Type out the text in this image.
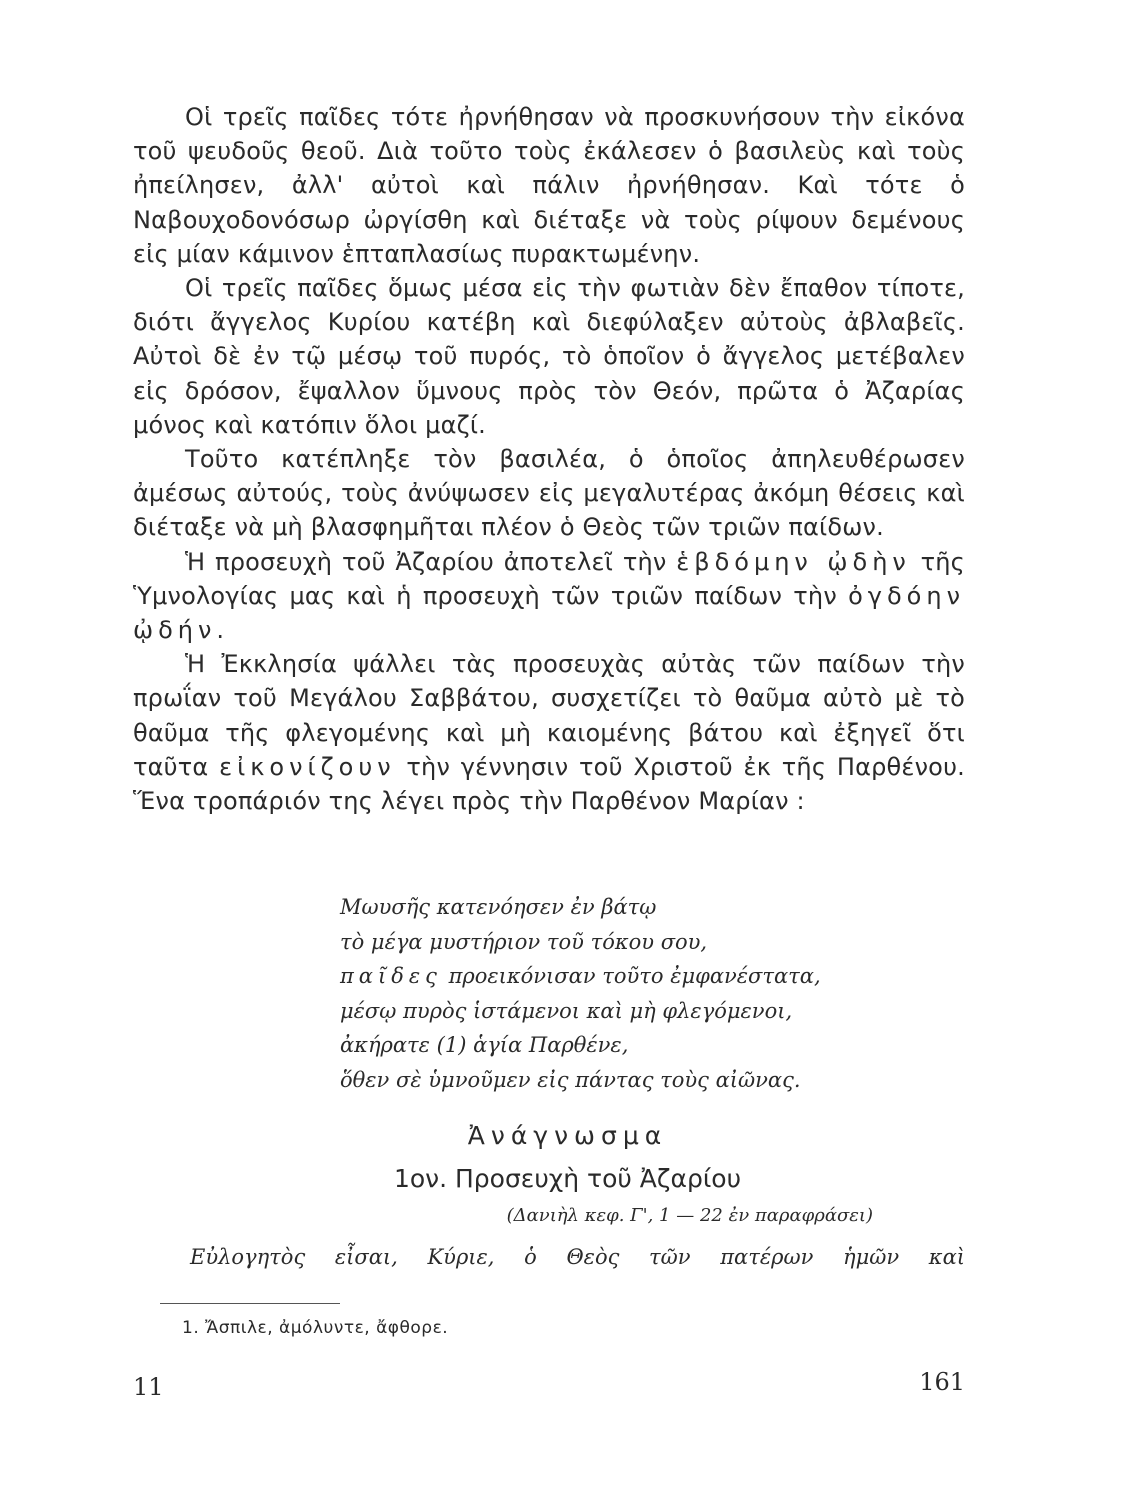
Οἱ τρεῖς παῖδες τότε ἠρνήθησαν νὰ προσκυνήσουν τὴν εἰκόνα τοῦ ψευδοῦς θεοῦ. Διὰ τοῦτο τοὺς ἐκάλεσεν ὁ βασιλεὺς καὶ τοὺς ἠπείλησεν, ἀλλ' αὐτοὶ καὶ πάλιν ἠρνήθησαν. Καὶ τότε ὁ Ναβουχοδονόσωρ ὠργίσθη καὶ διέταξε νὰ τοὺς ρίψουν δεμένους εἰς μίαν κάμινον ἑπταπλασίως πυρακτωμένην.

Οἱ τρεῖς παῖδες ὅμως μέσα εἰς τὴν φωτιὰν δὲν ἔπαθον τίποτε, διότι ἄγγελος Κυρίου κατέβη καὶ διεφύλαξεν αὐτοὺς ἀβλαβεῖς. Αὐτοὶ δὲ ἐν τῷ μέσῳ τοῦ πυρός, τὸ ὁποῖον ὁ ἄγγελος μετέβαλεν εἰς δρόσον, ἔψαλλον ὕμνους πρὸς τὸν Θεόν, πρῶτα ὁ Ἀζαρίας μόνος καὶ κατόπιν ὅλοι μαζί.

Τοῦτο κατέπληξε τὸν βασιλέα, ὁ ὁποῖος ἀπηλευθέρωσεν ἀμέσως αὐτούς, τοὺς ἀνύψωσεν εἰς μεγαλυτέρας ἀκόμη θέσεις καὶ διέταξε νὰ μὴ βλασφημῆται πλέον ὁ Θεὸς τῶν τριῶν παίδων.

Ἡ προσευχὴ τοῦ Ἀζαρίου ἀποτελεῖ τὴν ἑβδόμην ᾠδὴν τῆς Ὑμνολογίας μας καὶ ἡ προσευχὴ τῶν τριῶν παίδων τὴν ὀγδόην ᾠδήν.

Ἡ Ἐκκλησία ψάλλει τὰς προσευχὰς αὐτὰς τῶν παίδων τὴν πρωΐαν τοῦ Μεγάλου Σαββάτου, συσχετίζει τὸ θαῦμα αὐτὸ μὲ τὸ θαῦμα τῆς φλεγομένης καὶ μὴ καιομένης βάτου καὶ ἐξηγεῖ ὅτι ταῦτα εἰκονίζουν τὴν γέννησιν τοῦ Χριστοῦ ἐκ τῆς Παρθένου. Ἕνα τροπάριόν της λέγει πρὸς τὴν Παρθένον Μαρίαν :

Μωυσῆς κατενόησεν ἐν βάτῳ
τὸ μέγα μυστήριον τοῦ τόκου σου,
παῖδες προεικόνισαν τοῦτο ἐμφανέστατα,
μέσῳ πυρὸς ἱστάμενοι καὶ μὴ φλεγόμενοι,
ἀκήρατε (1) ἁγία Παρθένε,
ὅθεν σὲ ὑμνοῦμεν εἰς πάντας τοὺς αἰῶνας.
Ἀνάγνωσμα
1ον. Προσευχὴ τοῦ Ἀζαρίου
(Δανιὴλ κεφ. Γ', 1 — 22 ἐν παραφράσει)
Εὐλογητὸς εἶσαι, Κύριε, ὁ Θεὸς τῶν πατέρων ἡμῶν καὶ
1. Ἄσπιλε, ἀμόλυντε, ἄφθορε.
11	161
